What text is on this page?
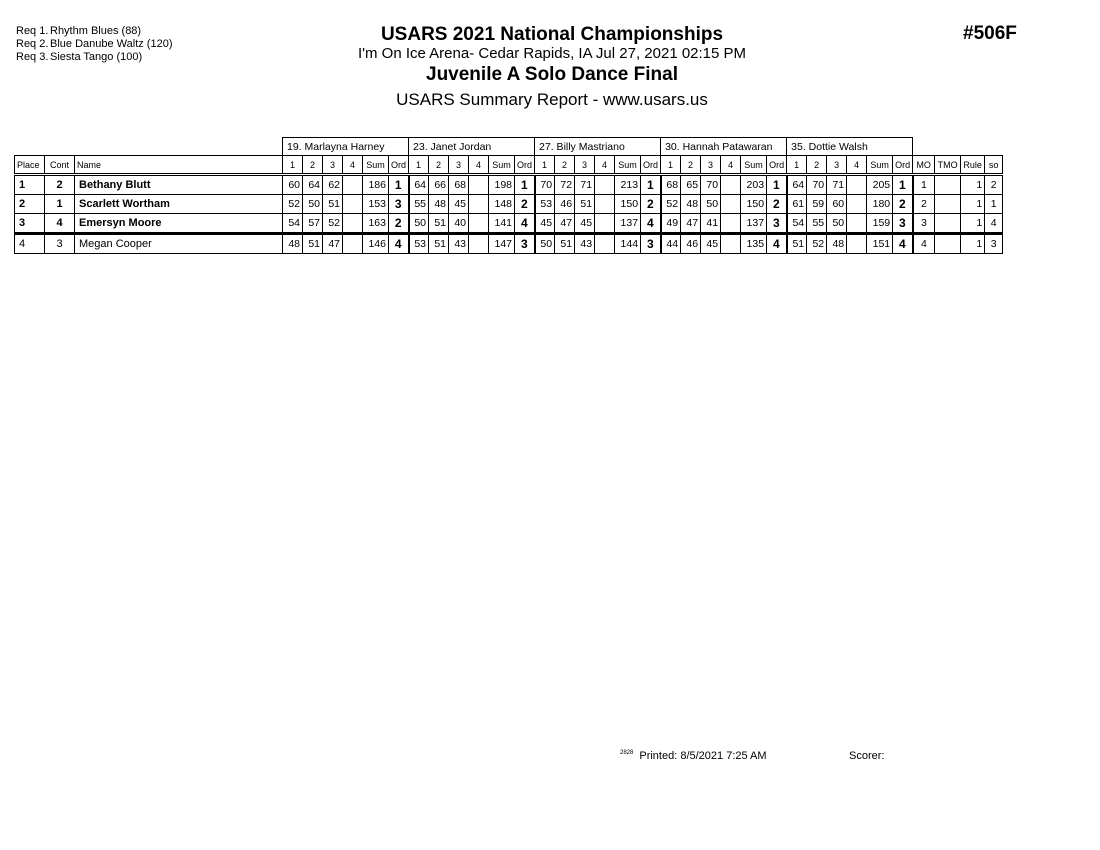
Req 1. Rhythm Blues (88)
Req 2. Blue Danube Waltz (120)
Req 3. Siesta Tango (100)
#506F
USARS 2021 National Championships
I'm On Ice Arena- Cedar Rapids, IA Jul 27, 2021 02:15 PM
Juvenile A Solo Dance Final
USARS Summary Report - www.usars.us
			19. Marlayna Harney						23. Janet Jordan						27. Billy Mastriano						30. Hannah Patawaran						35. Dottie Walsh									
Place	Cont	Name	1	2	3	4	Sum	Ord	1	2	3	4	Sum	Ord	1	2	3	4	Sum	Ord	1	2	3	4	Sum	Ord	1	2	3	4	Sum	Ord	MO	TMO	Rule	so
1	2	Bethany Blutt	60	64	62		186	1	64	66	68		198	1	70	72	71		213	1	68	65	70		203	1	64	70	71		205	1	1		1	2
2	1	Scarlett Wortham	52	50	51		153	3	55	48	45		148	2	53	46	51		150	2	52	48	50		150	2	61	59	60		180	2	2		1	1
3	4	Emersyn Moore	54	57	52		163	2	50	51	40		141	4	45	47	45		137	4	49	47	41		137	3	54	55	50		159	3	3		1	4
4	3	Megan Cooper	48	51	47		146	4	53	51	43		147	3	50	51	43		144	3	44	46	45		135	4	51	52	48		151	4	4		1	3
$^{2828}$ Printed: 8/5/2021 7:25 AM	Scorer:
